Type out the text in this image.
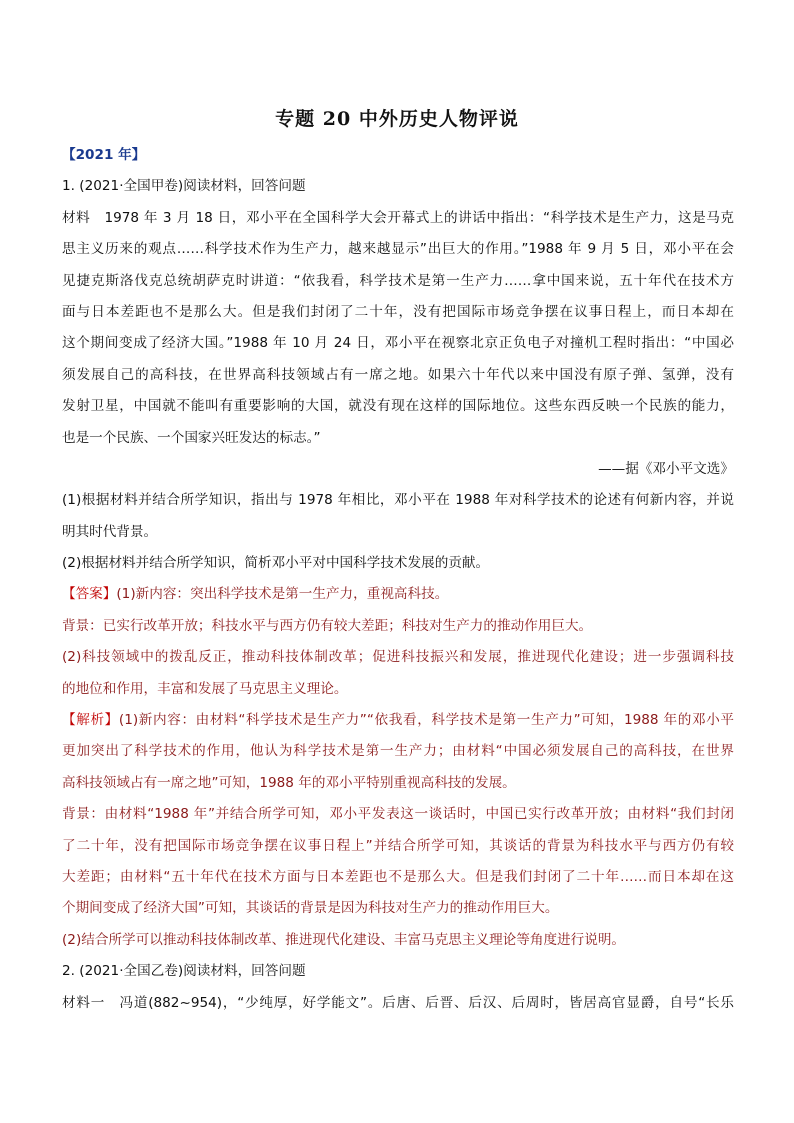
专题 20 中外历史人物评说
【2021 年】
1. (2021·全国甲卷)阅读材料，回答问题
材料　1978 年 3 月 18 日，邓小平在全国科学大会开幕式上的讲话中指出：“科学技术是生产力，这是马克
思主义历来的观点……科学技术作为生产力，越来越显示”出巨大的作用。”1988 年 9 月 5 日，邓小平在会
见捷克斯洛伐克总统胡萨克时讲道：“依我看，科学技术是第一生产力……拿中国来说，五十年代在技术方
面与日本差距也不是那么大。但是我们封闭了二十年，没有把国际市场竞争摆在议事日程上，而日本却在
这个期间变成了经济大国。”1988 年 10 月 24 日，邓小平在视察北京正负电子对撞机工程时指出：“中国必
须发展自己的高科技，在世界高科技领域占有一席之地。如果六十年代以来中国没有原子弹、氢弹，没有
发射卫星，中国就不能叫有重要影响的大国，就没有现在这样的国际地位。这些东西反映一个民族的能力，
也是一个民族、一个国家兴旺发达的标志。”
——据《邓小平文选》
(1)根据材料并结合所学知识，指出与 1978 年相比，邓小平在 1988 年对科学技术的论述有何新内容，并说
明其时代背景。
(2)根据材料并结合所学知识，简析邓小平对中国科学技术发展的贡献。
【答案】(1)新内容：突出科学技术是第一生产力，重视高科技。
背景：已实行改革开放；科技水平与西方仍有较大差距；科技对生产力的推动作用巨大。
(2)科技领域中的拨乱反正，推动科技体制改革；促进科技振兴和发展，推进现代化建设；进一步强调科技
的地位和作用，丰富和发展了马克思主义理论。
【解析】(1)新内容：由材料“科学技术是生产力”“依我看，科学技术是第一生产力”可知，1988 年的邓小平
更加突出了科学技术的作用，他认为科学技术是第一生产力；由材料“中国必须发展自己的高科技，在世界
高科技领域占有一席之地”可知，1988 年的邓小平特别重视高科技的发展。
背景：由材料“1988 年”并结合所学可知，邓小平发表这一谈话时，中国已实行改革开放；由材料“我们封闭
了二十年，没有把国际市场竞争摆在议事日程上”并结合所学可知，其谈话的背景为科技水平与西方仍有较
大差距；由材料“五十年代在技术方面与日本差距也不是那么大。但是我们封闭了二十年……而日本却在这
个期间变成了经济大国”可知，其谈话的背景是因为科技对生产力的推动作用巨大。
(2)结合所学可以推动科技体制改革、推进现代化建设、丰富马克思主义理论等角度进行说明。
2. (2021·全国乙卷)阅读材料，回答问题
材料一　冯道(882~954)，“少纯厚，好学能文”。后唐、后晋、后汉、后周时，皆居高官显爵，自号“长乐
